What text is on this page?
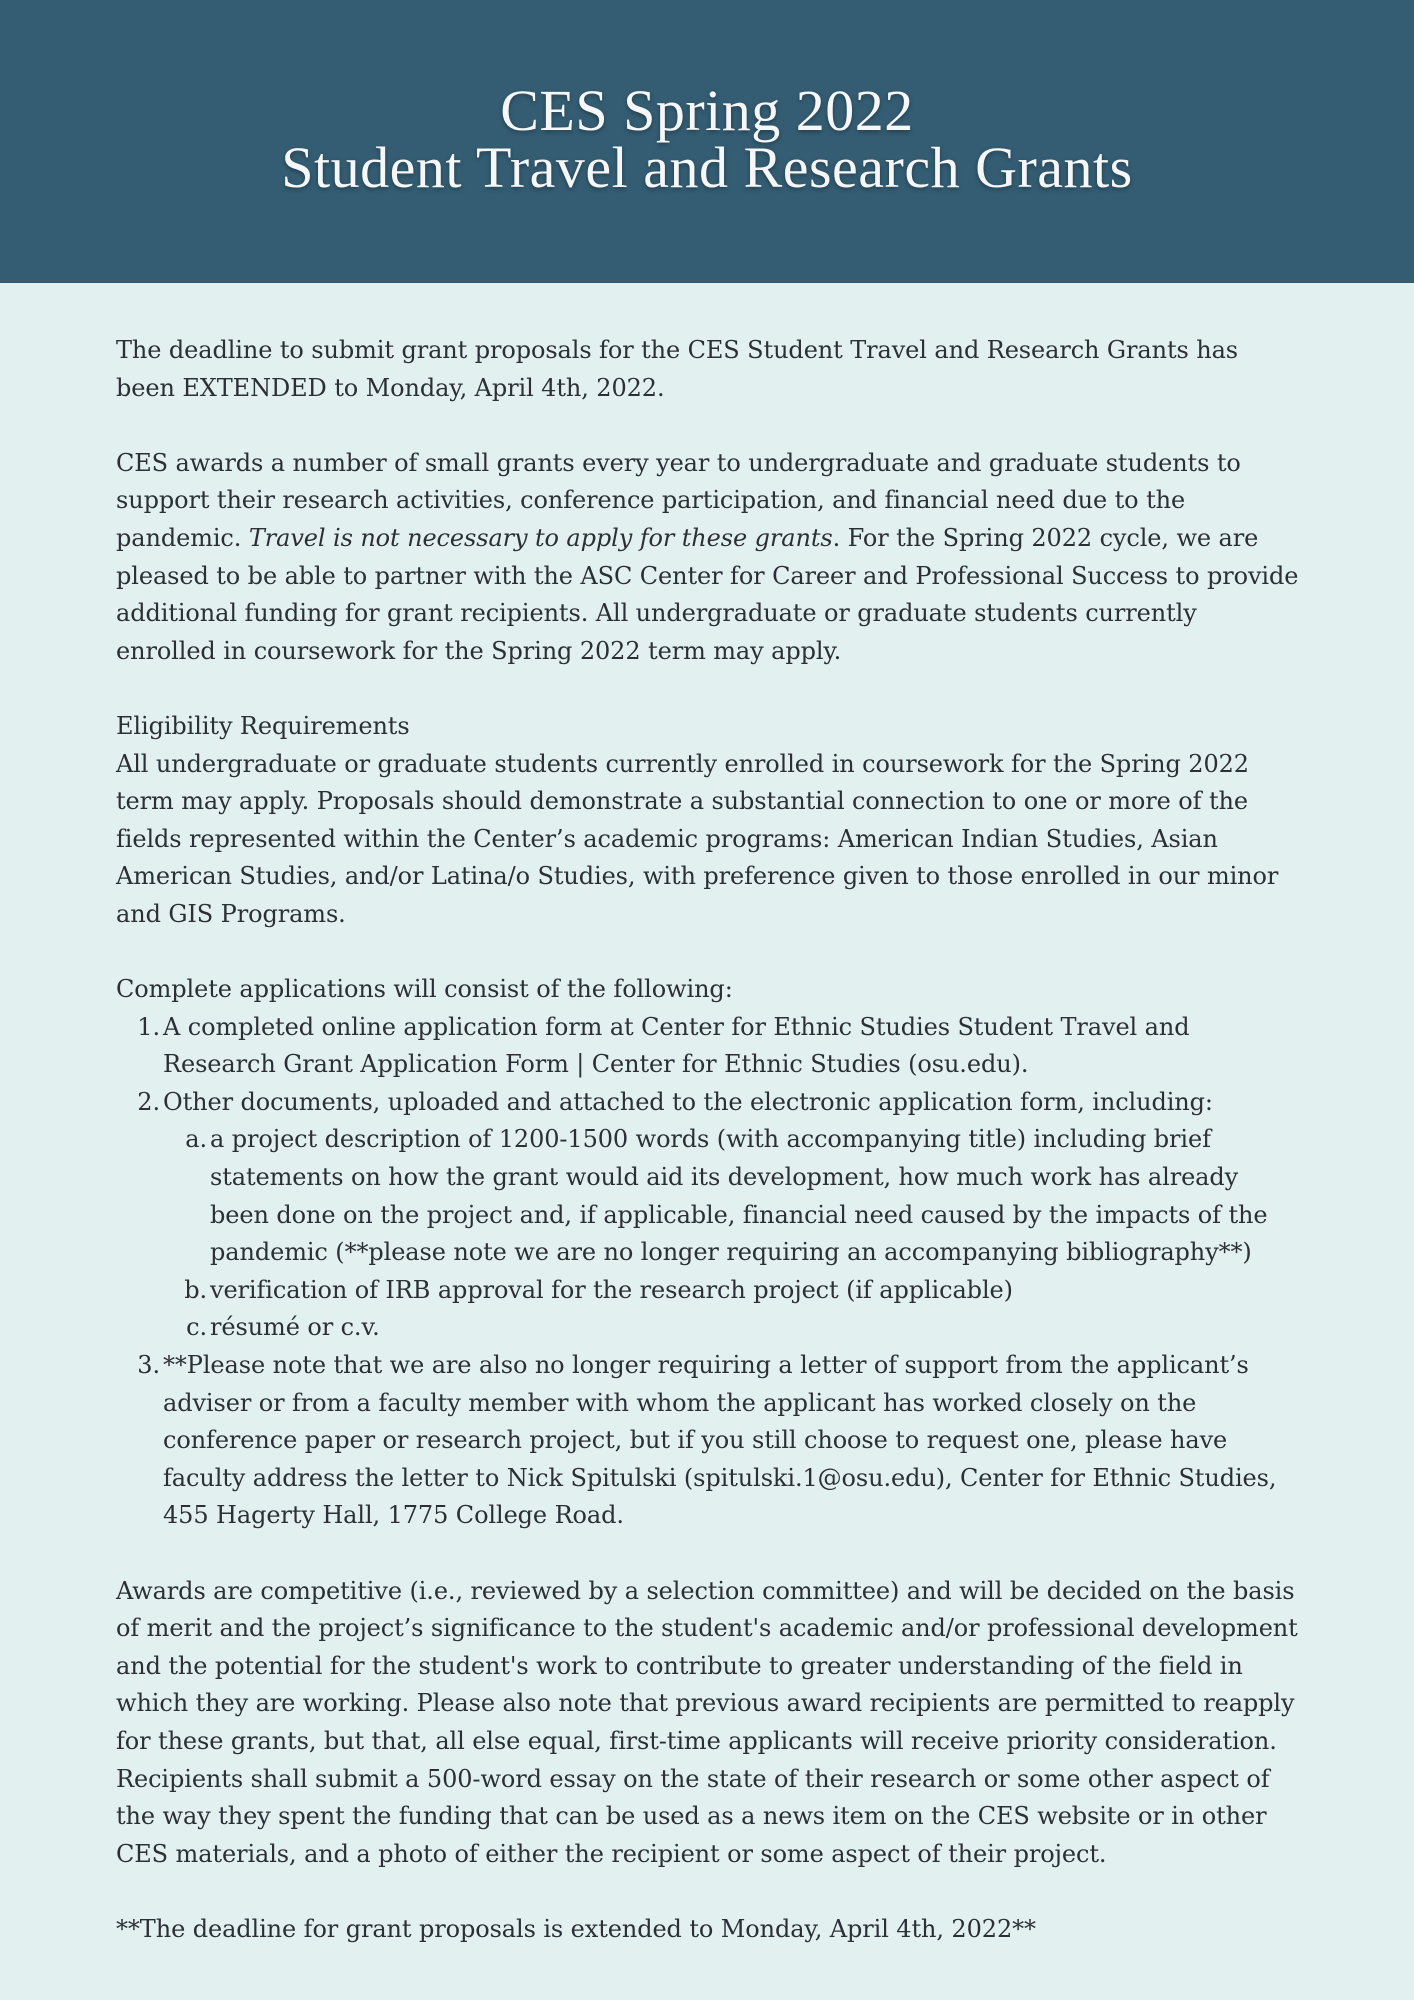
CES Spring 2022
Student Travel and Research Grants

The deadline to submit grant proposals for the CES Student Travel and Research Grants has been EXTENDED to Monday, April 4th, 2022.

CES awards a number of small grants every year to undergraduate and graduate students to support their research activities, conference participation, and financial need due to the pandemic. Travel is not necessary to apply for these grants. For the Spring 2022 cycle, we are pleased to be able to partner with the ASC Center for Career and Professional Success to provide additional funding for grant recipients. All undergraduate or graduate students currently enrolled in coursework for the Spring 2022 term may apply.

Eligibility Requirements

All undergraduate or graduate students currently enrolled in coursework for the Spring 2022 term may apply. Proposals should demonstrate a substantial connection to one or more of the fields represented within the Center’s academic programs: American Indian Studies, Asian American Studies, and/or Latina/o Studies, with preference given to those enrolled in our minor and GIS Programs.

Complete applications will consist of the following:

1. A completed online application form at Center for Ethnic Studies Student Travel and Research Grant Application Form | Center for Ethnic Studies (osu.edu).
2. Other documents, uploaded and attached to the electronic application form, including:
a. a project description of 1200-1500 words (with accompanying title) including brief statements on how the grant would aid its development, how much work has already been done on the project and, if applicable, financial need caused by the impacts of the pandemic (**please note we are no longer requiring an accompanying bibliography**)
b. verification of IRB approval for the research project (if applicable)
c. résumé or c.v.
3. **Please note that we are also no longer requiring a letter of support from the applicant’s adviser or from a faculty member with whom the applicant has worked closely on the conference paper or research project, but if you still choose to request one, please have faculty address the letter to Nick Spitulski (spitulski.1@osu.edu), Center for Ethnic Studies, 455 Hagerty Hall, 1775 College Road.

Awards are competitive (i.e., reviewed by a selection committee) and will be decided on the basis of merit and the project’s significance to the student's academic and/or professional development and the potential for the student's work to contribute to greater understanding of the field in which they are working. Please also note that previous award recipients are permitted to reapply for these grants, but that, all else equal, first-time applicants will receive priority consideration. Recipients shall submit a 500-word essay on the state of their research or some other aspect of the way they spent the funding that can be used as a news item on the CES website or in other CES materials, and a photo of either the recipient or some aspect of their project.

**The deadline for grant proposals is extended to Monday, April 4th, 2022**
